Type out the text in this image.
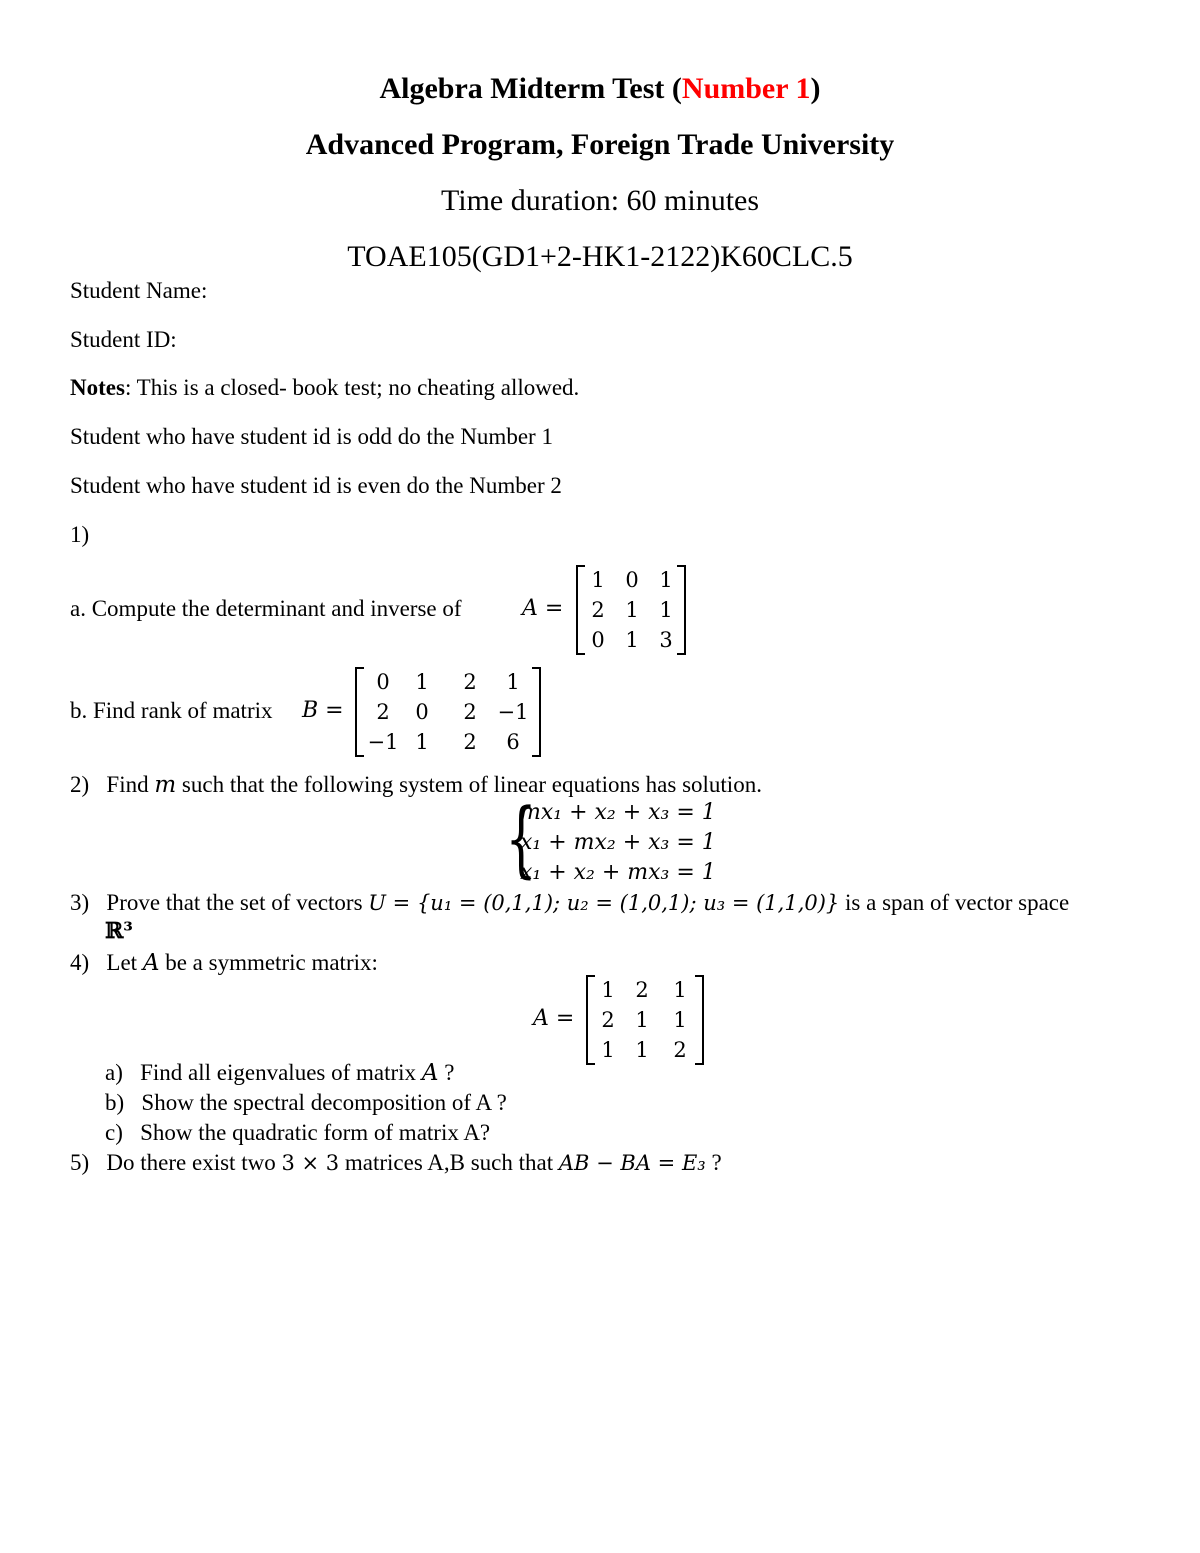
Algebra Midterm Test (Number 1)
Advanced Program, Foreign Trade University
Time duration: 60 minutes
TOAE105(GD1+2-HK1-2122)K60CLC.5
Student Name:
Student ID:
Notes: This is a closed- book test; no cheating allowed.
Student who have student id is odd do the Number 1
Student who have student id is even do the Number 2
1)
a. Compute the determinant and inverse of	A =
1 0 1
2 1 1
0 1 3
b. Find rank of matrix B =
0	1	2	1
2	0	2 −1
−1 1	2	6
2) Find m such that the following system of linear equations has solution.
{
mx₁ + x₂ + x₃ = 1
x₁ + mx₂ + x₃ = 1
x₁ + x₂ + mx₃ = 1
3) Prove that the set of vectors U = {u₁ = (0,1,1); u₂ = (1,0,1); u₃ = (1,1,0)} is a span of vector space
ℝ³
4) Let A be a symmetric matrix:
A =
1 2	1
2 1	1
1 1	2
a) Find all eigenvalues of matrix A ?
b) Show the spectral decomposition of A ?
c) Show the quadratic form of matrix A?
5) Do there exist two 3 × 3 matrices A,B such that AB − BA = E₃ ?
